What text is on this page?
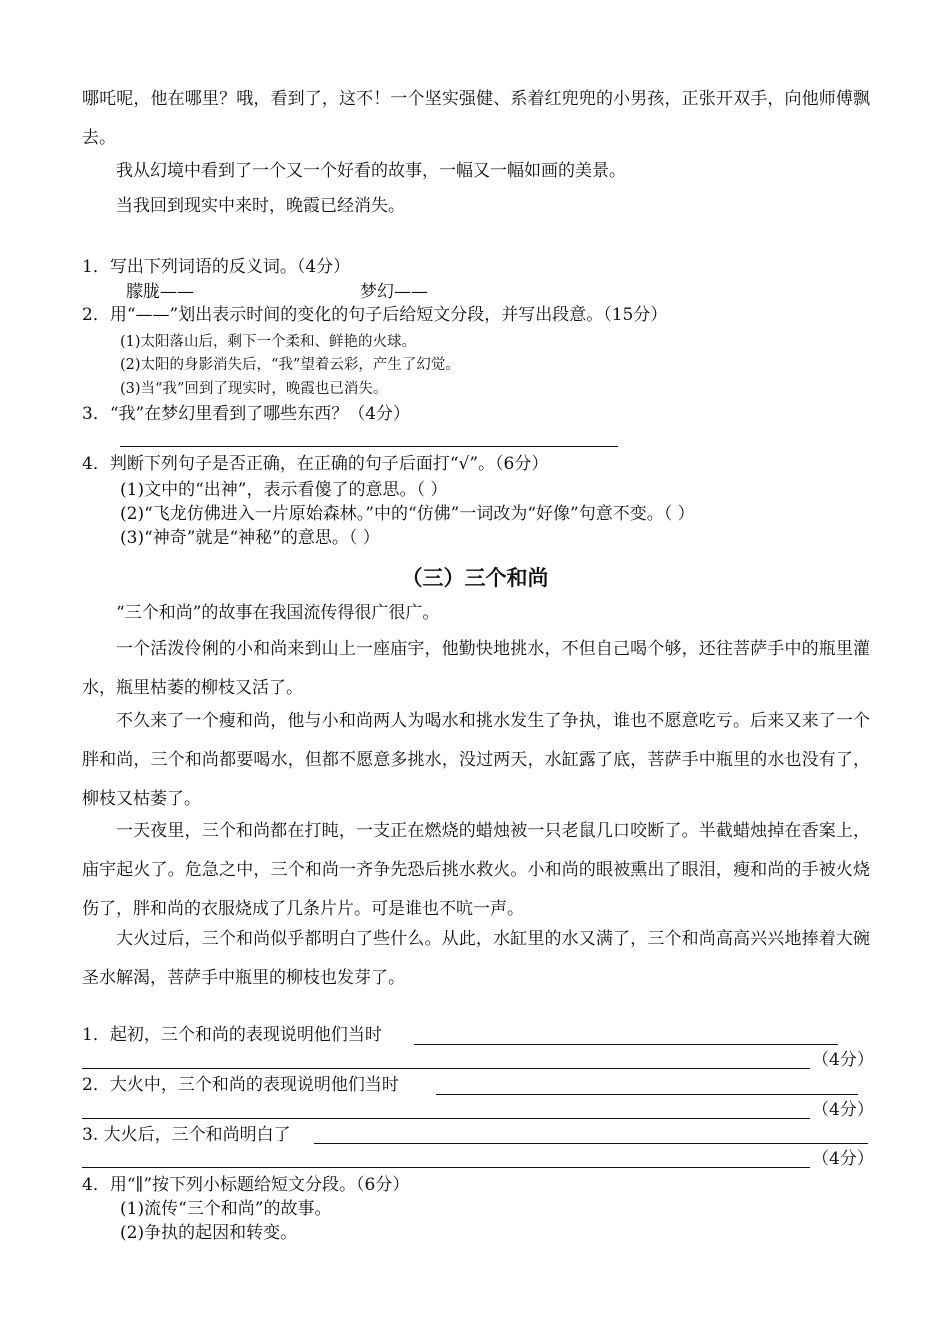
哪吒呢，他在哪里？哦，看到了，这不！一个坚实强健、系着红兜兜的小男孩，正张开双手，向他师傅飘去。

我从幻境中看到了一个又一个好看的故事，一幅又一幅如画的美景。

当我回到现实中来时，晚霞已经消失。

1．写出下列词语的反义词。（4分）
朦胧——	梦幻——
2．用“——”划出表示时间的变化的句子后给短文分段，并写出段意。（15分）
(1)太阳落山后，剩下一个柔和、鲜艳的火球。
(2)太阳的身影消失后，“我”望着云彩，产生了幻觉。
(3)当“我”回到了现实时，晚霞也已消失。
3．“我”在梦幻里看到了哪些东西？（4分）
4．判断下列句子是否正确，在正确的句子后面打“√”。（6分）
(1)文中的“出神”，表示看傻了的意思。（ ）
(2)“飞龙仿佛进入一片原始森林。”中的“仿佛”一词改为“好像”句意不变。（ ）
(3)“神奇”就是“神秘”的意思。（ ）
（三）三个和尚

“三个和尚”的故事在我国流传得很广很广。

一个活泼伶俐的小和尚来到山上一座庙宇，他勤快地挑水，不但自己喝个够，还往菩萨手中的瓶里灌水，瓶里枯萎的柳枝又活了。

不久来了一个瘦和尚，他与小和尚两人为喝水和挑水发生了争执，谁也不愿意吃亏。后来又来了一个胖和尚，三个和尚都要喝水，但都不愿意多挑水，没过两天，水缸露了底，菩萨手中瓶里的水也没有了，柳枝又枯萎了。

一天夜里，三个和尚都在打盹，一支正在燃烧的蜡烛被一只老鼠几口咬断了。半截蜡烛掉在香案上，庙宇起火了。危急之中，三个和尚一齐争先恐后挑水救火。小和尚的眼被熏出了眼泪，瘦和尚的手被火烧伤了，胖和尚的衣服烧成了几条片片。可是谁也不吭一声。

大火过后，三个和尚似乎都明白了些什么。从此，水缸里的水又满了，三个和尚高高兴兴地捧着大碗圣水解渴，菩萨手中瓶里的柳枝也发芽了。

1．起初，三个和尚的表现说明他们当时
（4分）
2．大火中，三个和尚的表现说明他们当时
（4分）
3. 大火后，三个和尚明白了
（4分）
4．用“∥”按下列小标题给短文分段。（6分）
(1)流传“三个和尚”的故事。
(2)争执的起因和转变。
